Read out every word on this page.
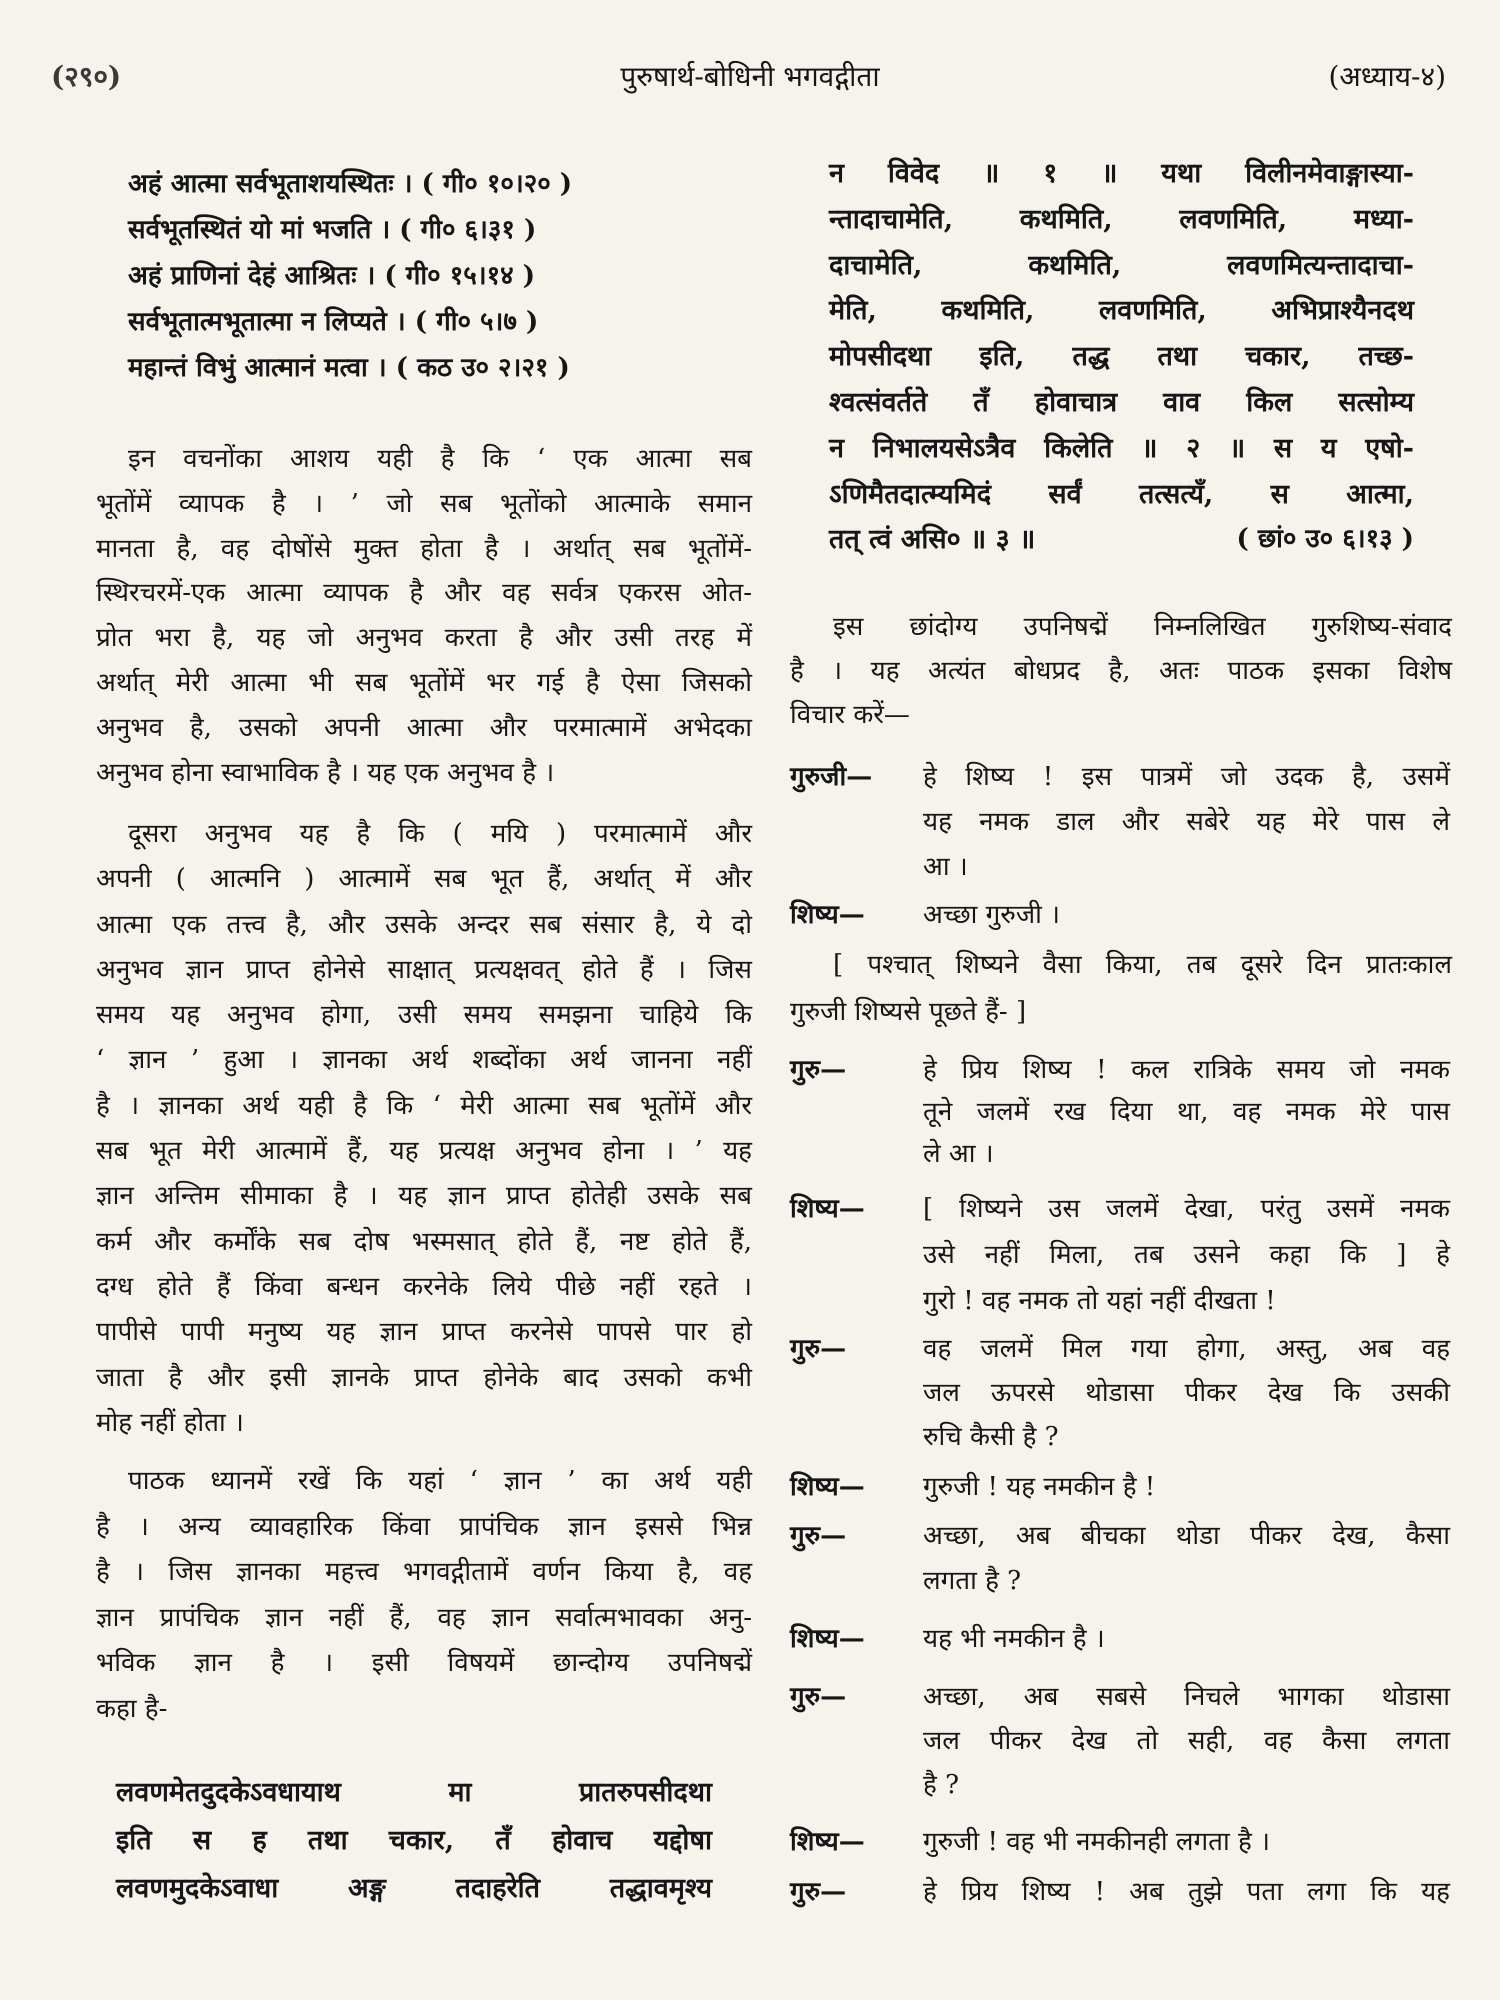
(२९०)	पुरुषार्थ-बोधिनी भगवद्गीता	(अध्याय-४)
अहं आत्मा सर्वभूताशयस्थितः । ( गी० १०।२० )
सर्वभूतस्थितं यो मां भजति । ( गी० ६।३१ )
अहं प्राणिनां देहं आश्रितः । ( गी० १५।१४ )
सर्वभूतात्मभूतात्मा न लिप्यते । ( गी० ५।७ )
महान्तं विभुं आत्मानं मत्वा । ( कठ उ० २।२१ )
इन वचनोंका आशय यही है कि ‘ एक आत्मा सब
भूतोंमें व्यापक है । ’ जो सब भूतोंको आत्माके समान
मानता है, वह दोषोंसे मुक्त होता है । अर्थात् सब भूतोंमें-
स्थिरचरमें-एक आत्मा व्यापक है और वह सर्वत्र एकरस ओत-
प्रोत भरा है, यह जो अनुभव करता है और उसी तरह में
अर्थात् मेरी आत्मा भी सब भूतोंमें भर गई है ऐसा जिसको
अनुभव है, उसको अपनी आत्मा और परमात्मामें अभेदका
अनुभव होना स्वाभाविक है । यह एक अनुभव है ।
दूसरा अनुभव यह है कि ( मयि ) परमात्मामें और
अपनी ( आत्मनि ) आत्मामें सब भूत हैं, अर्थात् में और
आत्मा एक तत्त्व है, और उसके अन्दर सब संसार है, ये दो
अनुभव ज्ञान प्राप्त होनेसे साक्षात् प्रत्यक्षवत् होते हैं । जिस
समय यह अनुभव होगा, उसी समय समझना चाहिये कि
‘ ज्ञान ’ हुआ । ज्ञानका अर्थ शब्दोंका अर्थ जानना नहीं
है । ज्ञानका अर्थ यही है कि ‘ मेरी आत्मा सब भूतोंमें और
सब भूत मेरी आत्मामें हैं, यह प्रत्यक्ष अनुभव होना । ’ यह
ज्ञान अन्तिम सीमाका है । यह ज्ञान प्राप्त होतेही उसके सब
कर्म और कर्मोंके सब दोष भस्मसात् होते हैं, नष्ट होते हैं,
दग्ध होते हैं किंवा बन्धन करनेके लिये पीछे नहीं रहते ।
पापीसे पापी मनुष्य यह ज्ञान प्राप्त करनेसे पापसे पार हो
जाता है और इसी ज्ञानके प्राप्त होनेके बाद उसको कभी
मोह नहीं होता ।
पाठक ध्यानमें रखें कि यहां ‘ ज्ञान ’ का अर्थ यही
है । अन्य व्यावहारिक किंवा प्रापंचिक ज्ञान इससे भिन्न
है । जिस ज्ञानका महत्त्व भगवद्गीतामें वर्णन किया है, वह
ज्ञान प्रापंचिक ज्ञान नहीं हैं, वह ज्ञान सर्वात्मभावका अनु-
भविक ज्ञान है । इसी विषयमें छान्दोग्य उपनिषद्में
कहा है-
लवणमेतदुदकेऽवधायाथ मा प्रातरुपसीदथा
इति स ह तथा चकार, तँ होवाच यद्दोषा
लवणमुदकेऽवाधा अङ्ग तदाहरेति तद्धावमृश्य
न विवेद ॥ १ ॥ यथा विलीनमेवाङ्गास्या-
न्तादाचामेति, कथमिति, लवणमिति, मध्या-
दाचामेति, कथमिति, लवणमित्यन्तादाचा-
मेति, कथमिति, लवणमिति, अभिप्राश्यैनदथ
मोपसीदथा इति, तद्ध तथा चकार, तच्छ-
श्वत्संवर्तते तँ होवाचात्र वाव किल सत्सोम्य
न निभालयसेऽत्रैव किलेति ॥ २ ॥ स य एषो-
ऽणिमैतदात्म्यमिदं सर्वं तत्सत्यँ, स आत्मा,
तत् त्वं असि० ॥ ३ ॥	( छां० उ० ६।१३ )
इस छांदोग्य उपनिषद्में निम्नलिखित गुरुशिष्य-संवाद
है । यह अत्यंत बोधप्रद है, अतः पाठक इसका विशेष
विचार करें—
गुरुजी— हे शिष्य ! इस पात्रमें जो उदक है, उसमें
यह नमक डाल और सबेरे यह मेरे पास ले
आ ।
शिष्य— अच्छा गुरुजी ।
[ पश्चात् शिष्यने वैसा किया, तब दूसरे दिन प्रातःकाल
गुरुजी शिष्यसे पूछते हैं- ]
गुरु—	हे प्रिय शिष्य ! कल रात्रिके समय जो नमक
तूने जलमें रख दिया था, वह नमक मेरे पास
ले आ ।
शिष्य— [ शिष्यने उस जलमें देखा, परंतु उसमें नमक
उसे नहीं मिला, तब उसने कहा कि ] हे
गुरो ! वह नमक तो यहां नहीं दीखता !
गुरु—	वह जलमें मिल गया होगा, अस्तु, अब वह
जल ऊपरसे थोडासा पीकर देख कि उसकी
रुचि कैसी है ?
शिष्य— गुरुजी ! यह नमकीन है !
गुरु—	अच्छा, अब बीचका थोडा पीकर देख, कैसा
लगता है ?
शिष्य— यह भी नमकीन है ।
गुरु—	अच्छा, अब सबसे निचले भागका थोडासा
जल पीकर देख तो सही, वह कैसा लगता
है ?
शिष्य— गुरुजी ! वह भी नमकीनही लगता है ।
गुरु—	हे प्रिय शिष्य ! अब तुझे पता लगा कि यह
